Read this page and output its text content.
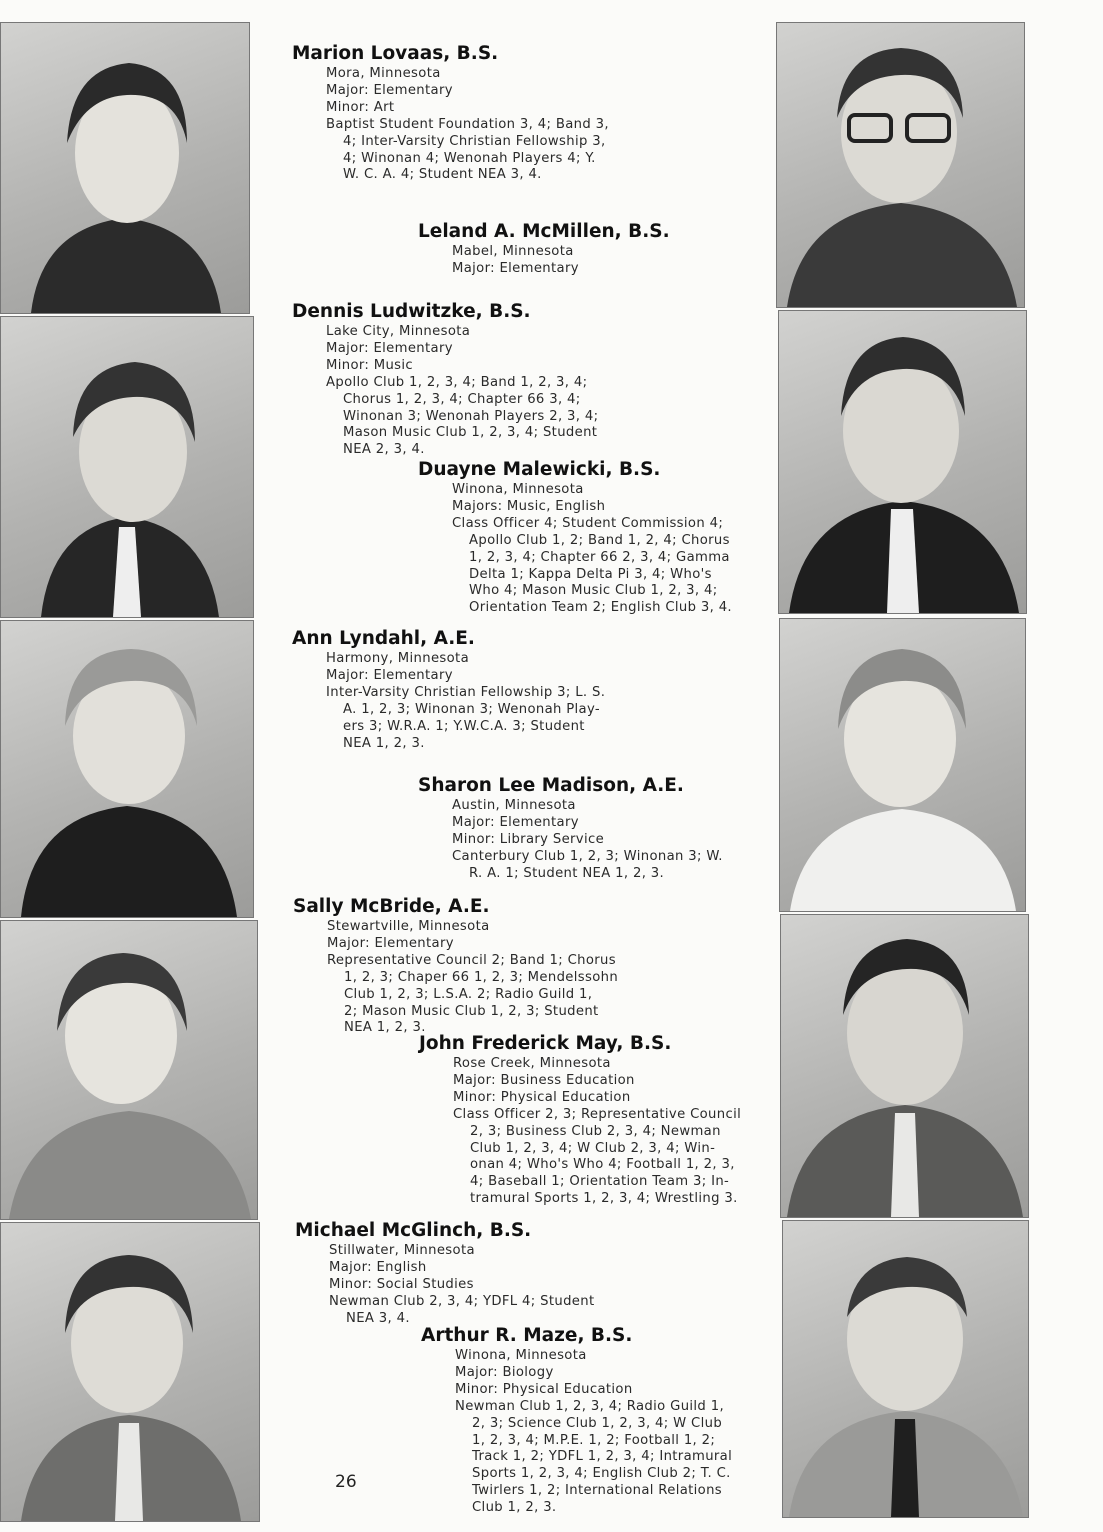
Marion Lovaas, B.S.
Mora, Minnesota
Major: Elementary
Minor: Art
Baptist Student Foundation 3, 4; Band 3,
4; Inter-Varsity Christian Fellowship 3,
4; Winonan 4; Wenonah Players 4; Y.
W. C. A. 4; Student NEA 3, 4.
Leland A. McMillen, B.S.
Mabel, Minnesota
Major: Elementary
Dennis Ludwitzke, B.S.
Lake City, Minnesota
Major: Elementary
Minor: Music
Apollo Club 1, 2, 3, 4; Band 1, 2, 3, 4;
Chorus 1, 2, 3, 4; Chapter 66 3, 4;
Winonan 3; Wenonah Players 2, 3, 4;
Mason Music Club 1, 2, 3, 4; Student
NEA 2, 3, 4.
Duayne Malewicki, B.S.
Winona, Minnesota
Majors: Music, English
Class Officer 4; Student Commission 4;
Apollo Club 1, 2; Band 1, 2, 4; Chorus
1, 2, 3, 4; Chapter 66 2, 3, 4; Gamma
Delta 1; Kappa Delta Pi 3, 4; Who's
Who 4; Mason Music Club 1, 2, 3, 4;
Orientation Team 2; English Club 3, 4.
Ann Lyndahl, A.E.
Harmony, Minnesota
Major: Elementary
Inter-Varsity Christian Fellowship 3; L. S.
A. 1, 2, 3; Winonan 3; Wenonah Play-
ers 3; W.R.A. 1; Y.W.C.A. 3; Student
NEA 1, 2, 3.
Sharon Lee Madison, A.E.
Austin, Minnesota
Major: Elementary
Minor: Library Service
Canterbury Club 1, 2, 3; Winonan 3; W.
R. A. 1; Student NEA 1, 2, 3.
Sally McBride, A.E.
Stewartville, Minnesota
Major: Elementary
Representative Council 2; Band 1; Chorus
1, 2, 3; Chaper 66 1, 2, 3; Mendelssohn
Club 1, 2, 3; L.S.A. 2; Radio Guild 1,
2; Mason Music Club 1, 2, 3; Student
NEA 1, 2, 3.
John Frederick May, B.S.
Rose Creek, Minnesota
Major: Business Education
Minor: Physical Education
Class Officer 2, 3; Representative Council
2, 3; Business Club 2, 3, 4; Newman
Club 1, 2, 3, 4; W Club 2, 3, 4; Win-
onan 4; Who's Who 4; Football 1, 2, 3,
4; Baseball 1; Orientation Team 3; In-
tramural Sports 1, 2, 3, 4; Wrestling 3.
Michael McGlinch, B.S.
Stillwater, Minnesota
Major: English
Minor: Social Studies
Newman Club 2, 3, 4; YDFL 4; Student
NEA 3, 4.
Arthur R. Maze, B.S.
Winona, Minnesota
Major: Biology
Minor: Physical Education
Newman Club 1, 2, 3, 4; Radio Guild 1,
2, 3; Science Club 1, 2, 3, 4; W Club
1, 2, 3, 4; M.P.E. 1, 2; Football 1, 2;
Track 1, 2; YDFL 1, 2, 3, 4; Intramural
Sports 1, 2, 3, 4; English Club 2; T. C.
Twirlers 1, 2; International Relations
Club 1, 2, 3.
26
